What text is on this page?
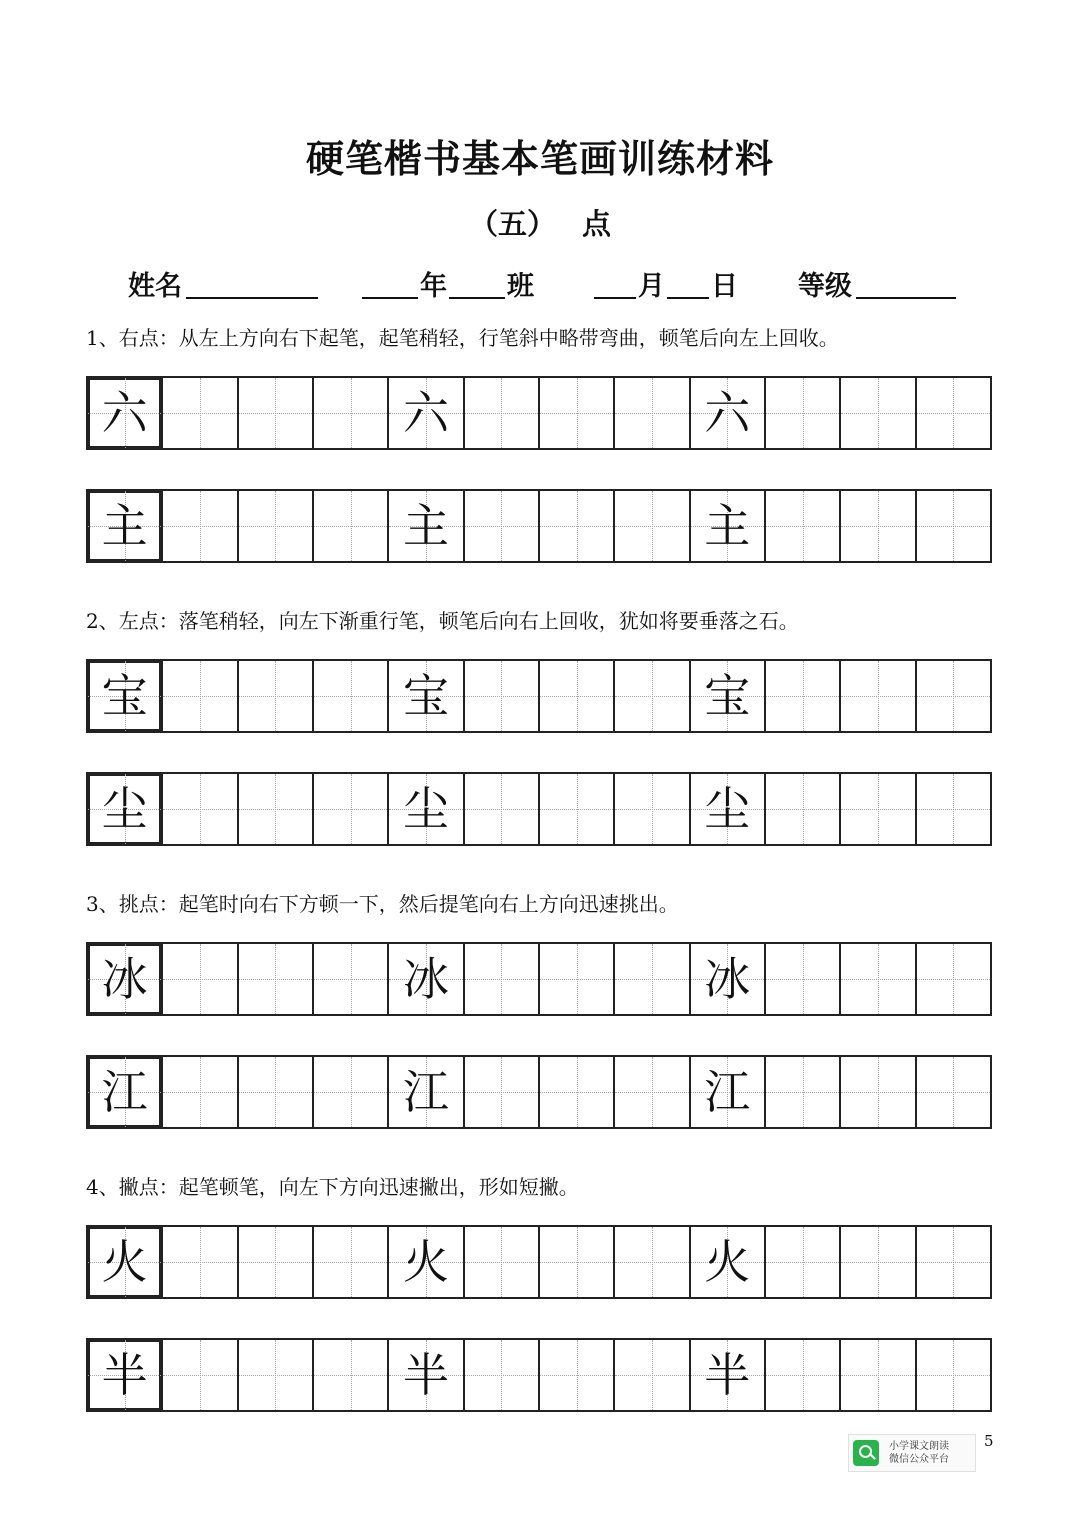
硬笔楷书基本笔画训练材料
（五） 点
姓名	年 班	月 日 等级
1、右点：从左上方向右下起笔，起笔稍轻，行笔斜中略带弯曲，顿笔后向左上回收。
六	六	六
主	主	主
2、左点：落笔稍轻，向左下渐重行笔，顿笔后向右上回收，犹如将要垂落之石。
宝	宝	宝
尘	尘	尘
3、挑点：起笔时向右下方顿一下，然后提笔向右上方向迅速挑出。
冰	冰	冰
江	江	江
4、撇点：起笔顿笔，向左下方向迅速撇出，形如短撇。
火	火	火
半	半	半
小学课文朗读
微信公众平台
5
